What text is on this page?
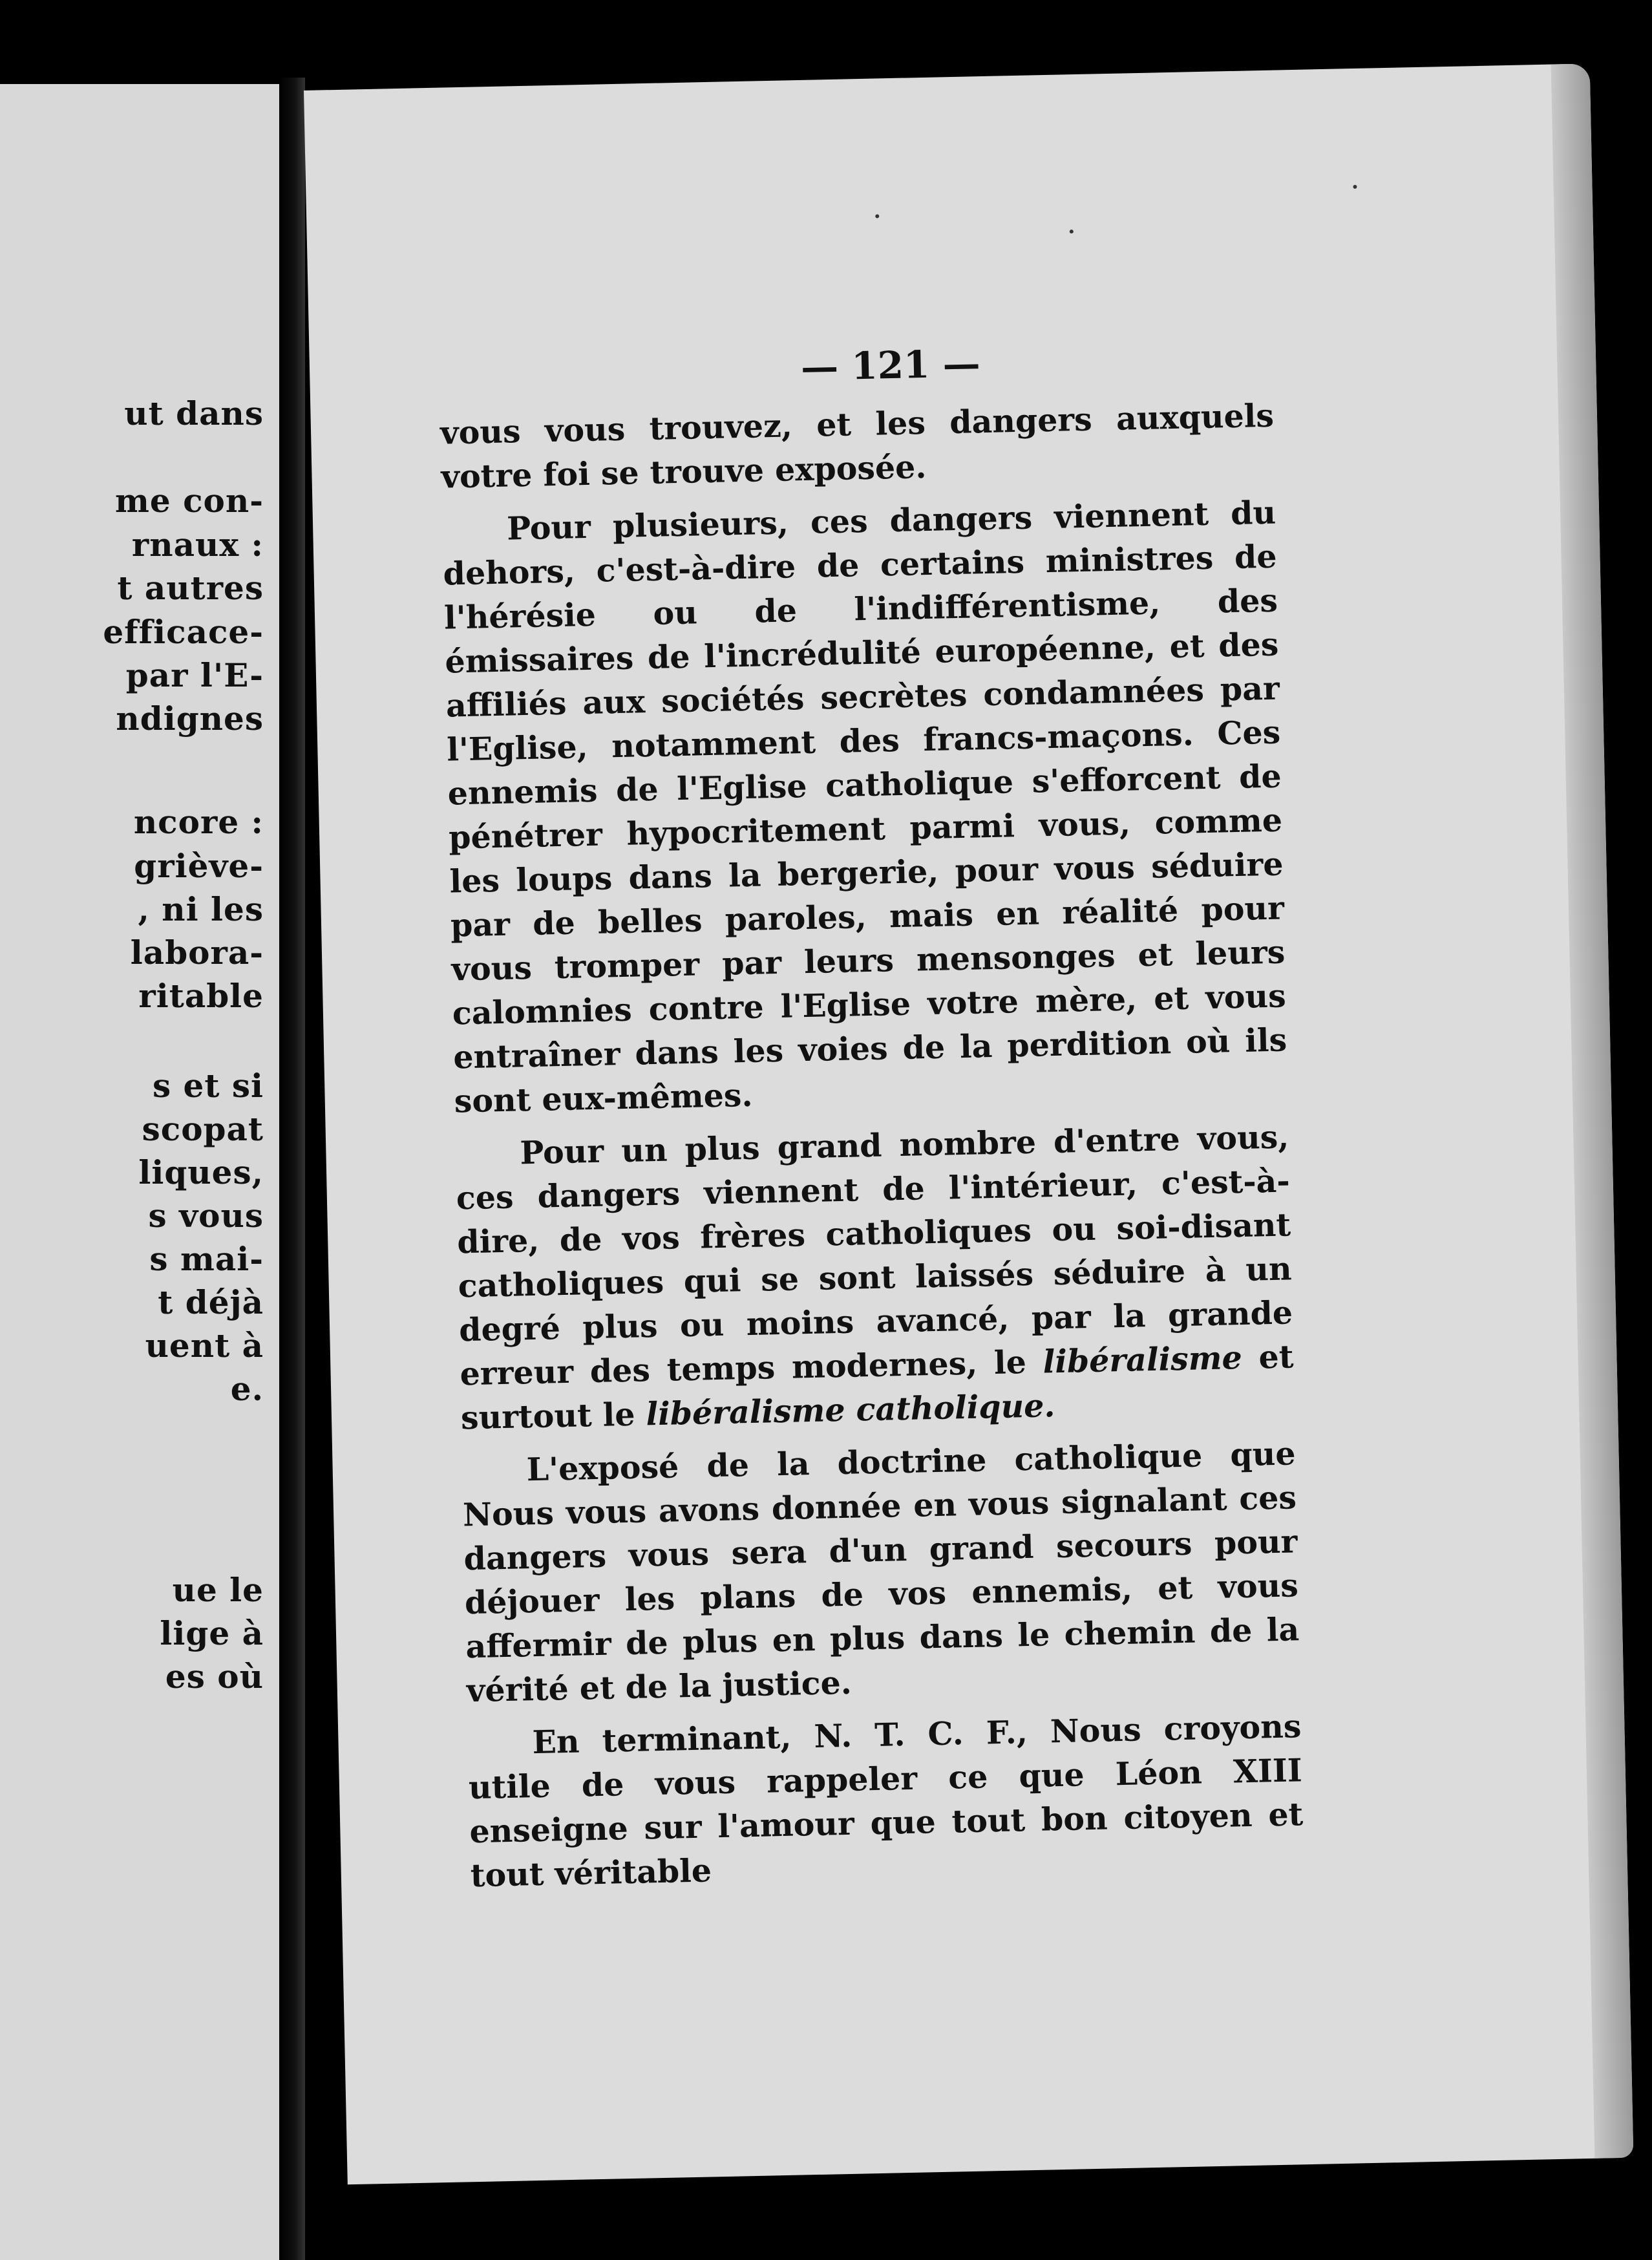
ut dans
me con-
rnaux :
t autres
efficace-
par l'E-
ndignes
ncore :
grièvе-
, ni les
labora-
ritable
s et si
scopat
liques,
s vous
s mai-
t déjà
uent à
e.
ue le
lige à
es où
— 121 —

vous vous trouvez, et les dangers auxquels votre foi se trouve exposée.

Pour plusieurs, ces dangers viennent du dehors, c'est-à-dire de certains ministres de l'hérésie ou de l'indifférentisme, des émissaires de l'incrédulité européenne, et des affiliés aux sociétés secrètes condamnées par l'Eglise, notamment des francs-maçons. Ces ennemis de l'Eglise catholique s'efforcent de pénétrer hypocritement parmi vous, comme les loups dans la bergerie, pour vous séduire par de belles paroles, mais en réalité pour vous tromper par leurs mensonges et leurs calomnies contre l'Eglise votre mère, et vous entraîner dans les voies de la perdition où ils sont eux-mêmes.

Pour un plus grand nombre d'entre vous, ces dangers viennent de l'intérieur, c'est-à-dire, de vos frères catholiques ou soi-disant catholiques qui se sont laissés séduire à un degré plus ou moins avancé, par la grande erreur des temps modernes, le libéralisme et surtout le libéralisme catholique.

L'exposé de la doctrine catholique que Nous vous avons donnée en vous signalant ces dangers vous sera d'un grand secours pour déjouer les plans de vos ennemis, et vous affermir de plus en plus dans le chemin de la vérité et de la justice.

En terminant, N. T. C. F., Nous croyons utile de vous rappeler ce que Léon XIII enseigne sur l'amour que tout bon citoyen et tout véritable
